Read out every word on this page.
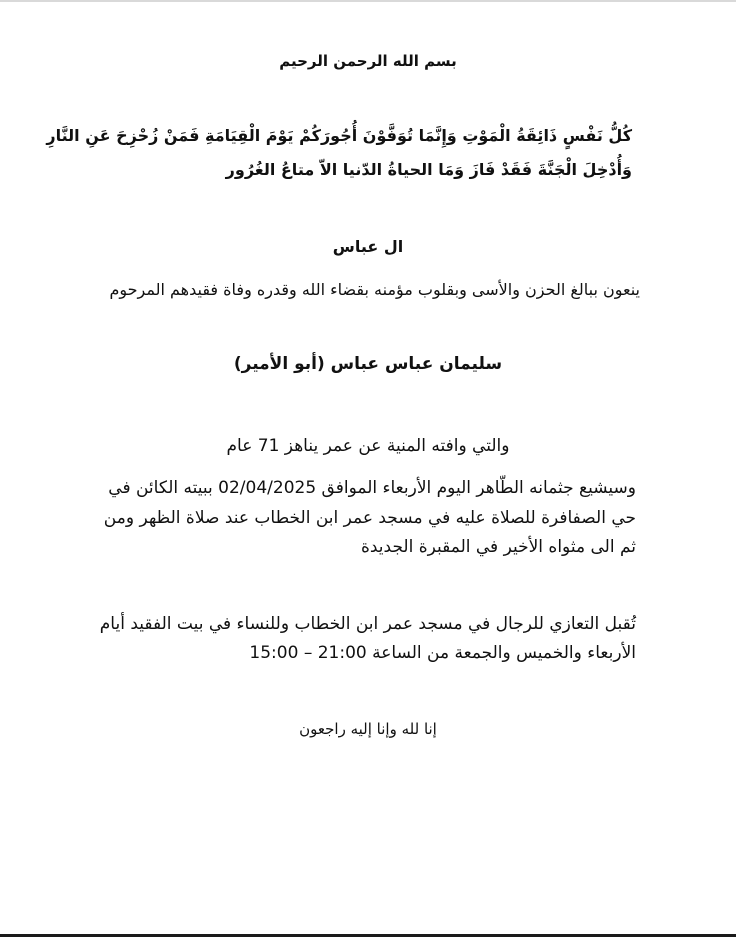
بسم الله الرحمن الرحيم

كُلُّ نَفْسٍ ذَائِقَةُ الْمَوْتِ وَإِنَّمَا تُوَفَّوْنَ أُجُورَكُمْ يَوْمَ الْقِيَامَةِ فَمَنْ زُحْزِحَ عَنِ النَّارِ

وَأُدْخِلَ الْجَنَّةَ فَقَدْ فَازَ وَمَا الحياةُ الدّنيا الاّ متاعُ الغُرُور

ال عباس

ينعون ببالغ الحزن والأسى وبقلوب مؤمنه بقضاء الله وقدره وفاة فقيدهم المرحوم

سليمان عباس عباس (أبو الأمير)

والتي وافته المنية عن عمر يناهز 71 عام

وسيشيع جثمانه الطّاهر اليوم الأربعاء الموافق 02/04/2025 ببيته الكائن في

حي الصفافرة للصلاة عليه في مسجد عمر ابن الخطاب عند صلاة الظهر ومن

ثم الى مثواه الأخير في المقبرة الجديدة

تُقبل التعازي للرجال في مسجد عمر ابن الخطاب وللنساء في بيت الفقيد أيام

الأربعاء والخميس والجمعة من الساعة 21:00 – 15:00

إنا لله وإنا إليه راجعون
